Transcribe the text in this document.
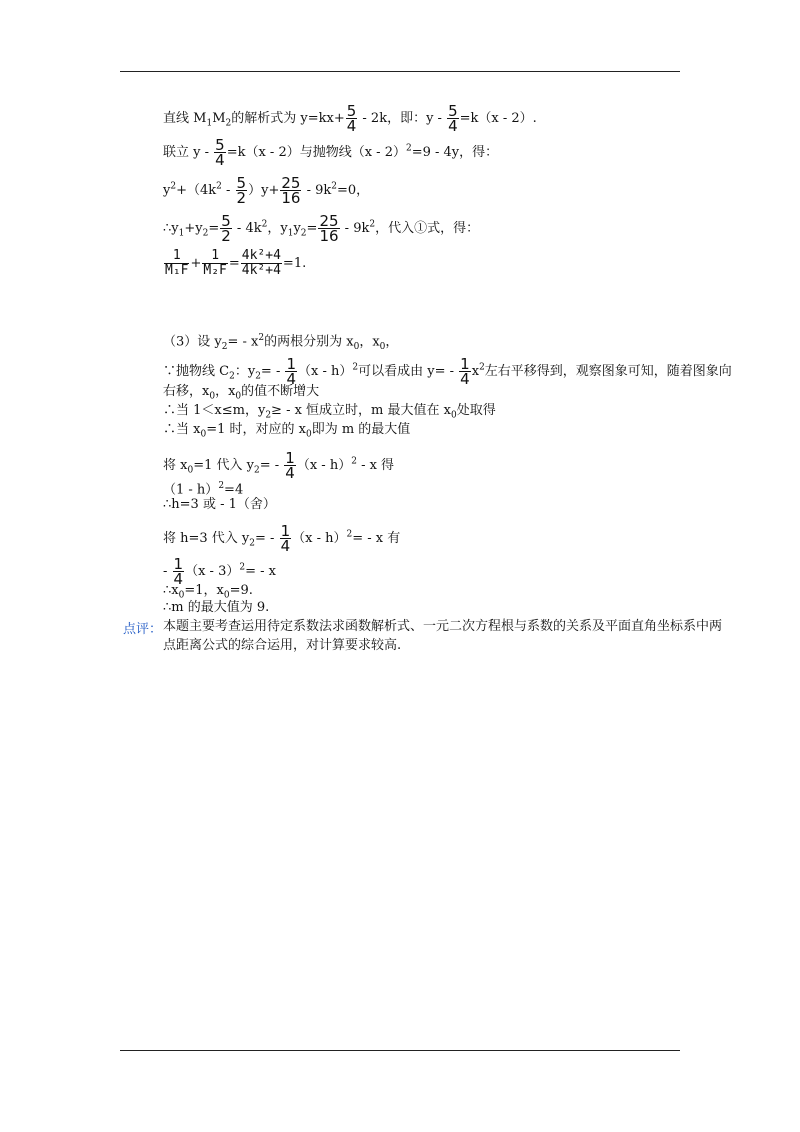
直线 $M_1M_2$的解析式为 $y=kx+ \frac{5}{4} - 2k$，即：$y - \frac{5}{4} =k(x - 2)$.
联立 $y - \frac{5}{4} =k(x - 2)$与抛物线（x - 2）$^2$=9 - 4y，得：
$y^2+(4k^2 - \frac{5}{2} )y+ \frac{25}{16} - 9k^2=0$，
$\therefore y_1+y_2= \frac{5}{2} - 4k^2$，$y_1y_2= \frac{25}{16} - 9k^2$，代入①式，得：
$\frac{1}{\text{M₁F}} + \frac{1}{\text{M₂F}} = \frac{\text{4k²+4}}{\text{4k²+4}} =1$.
（3）设 $y_2= - x^2$的两根分别为 $x_0$，$x_0$，
∵抛物线 $C_2$：$y_2= - \frac{1}{4} (x - h)^2$可以看成由 $y= - \frac{1}{4} x^2$左右平移得到，观察图象可知，随着图象向
右移，$x_0$，$x_0$的值不断增大
∴当 1＜x≤m，$y_2\ge - x$ 恒成立时，m 最大值在 $x_0$处取得
∴当 $x_0=1$ 时，对应的 $x_0$即为 m 的最大值
将 $x_0=1$ 代入 $y_2= - \frac{1}{4} (x - h)^2 - x$ 得
（1 - h）$^2$=4
∴h=3 或 - 1（舍）
将 h=3 代入 $y_2= - \frac{1}{4} (x - h)^2= - x$ 有
- $\frac{1}{4} (x - 3)^2= - x$
$\therefore x_0=1$，$x_0=9$.
∴m 的最大值为 9.
点评： 本题主要考查运用待定系数法求函数解析式、一元二次方程根与系数的关系及平面直角坐标系中两点距离公式的综合运用，对计算要求较高.
